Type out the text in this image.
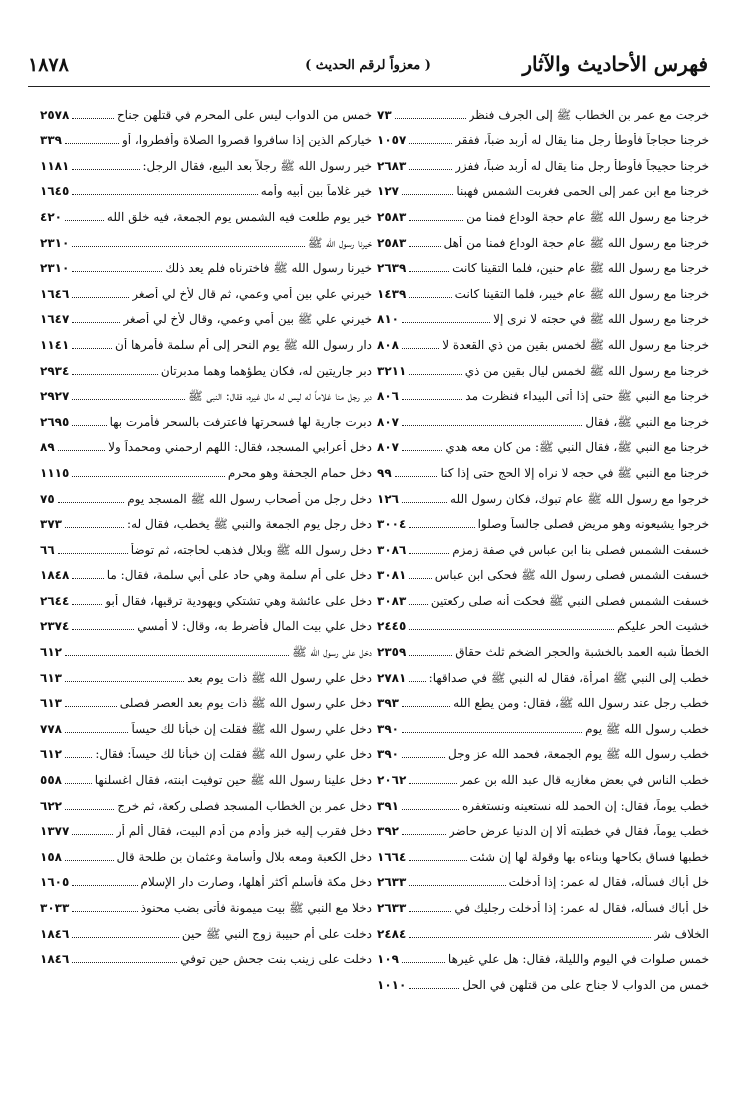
فهرس الأحاديث والآثار
( معزواً لرقم الحديث )
١٨٧٨
خرجت مع عمر بن الخطاب ﷺ إلى الجرف فنظر
٧٣
خرجنا حجاجاً فأوطأ رجل منا يقال له أربد ضباً، ففقر
١٠٥٧
خرجنا حجيجاً فأوطأ رجل منا يقال له أربد ضباً، ففزر
٢٦٨٣
خرجنا مع ابن عمر إلى الحمى فغربت الشمس فهبنا
١٢٧
خرجنا مع رسول الله ﷺ عام حجة الوداع فمنا من
٢٥٨٣
خرجنا مع رسول الله ﷺ عام حجة الوداع فمنا من أهل
٢٥٨٣
خرجنا مع رسول الله ﷺ عام حنين، فلما التقينا كانت
٢٦٣٩
خرجنا مع رسول الله ﷺ عام خيبر، فلما التقينا كانت
١٤٣٩
خرجنا مع رسول الله ﷺ في حجته لا نرى إلا
٨١٠
خرجنا مع رسول الله ﷺ لخمس بقين من ذي القعدة لا
٨٠٨
خرجنا مع رسول الله ﷺ لخمس ليال بقين من ذي
٣٢١١
خرجنا مع النبي ﷺ حتى إذا أتى البيداء فنظرت مد
٨٠٦
خرجنا مع النبي ﷺ، فقال
٨٠٧
خرجنا مع النبي ﷺ، فقال النبي ﷺ: من كان معه هدي
٨٠٧
خرجنا مع النبي ﷺ في حجه لا نراه إلا الحج حتى إذا كنا
٩٩
خرجوا مع رسول الله ﷺ عام تبوك، فكان رسول الله
١٢٦
خرجوا يشيعونه وهو مريض فصلى جالساً وصلوا
٣٠٠٤
خسفت الشمس فصلى بنا ابن عباس في صفة زمزم
٣٠٨٦
خسفت الشمس فصلى رسول الله ﷺ فحكى ابن عباس
٣٠٨١
خسفت الشمس فصلى النبي ﷺ فحكت أنه صلى ركعتين
٣٠٨٣
خشيت الحر عليكم
٢٤٤٥
الخطأ شبه العمد بالخشبة والحجر الضخم ثلث حقاق
٢٣٥٩
خطب إلى النبي ﷺ امرأة، فقال له النبي ﷺ في صداقها:
٢٧٨١
خطب رجل عند رسول الله ﷺ، فقال: ومن يطع الله
٣٩٣
خطب رسول الله ﷺ يوم
٣٩٠
خطب رسول الله ﷺ يوم الجمعة، فحمد الله عز وجل
٣٩٠
خطب الناس في بعض مغازيه قال عبد الله بن عمر
٢٠٦٢
خطب يوماً، فقال: إن الحمد لله نستعينه ونستغفره
٣٩١
خطب يوماً، فقال في خطبته ألا إن الدنيا عرض حاضر
٣٩٢
خطبها فساق بكاحها وبناءه بها وقولة لها إن شئت
١٦٦٤
خل أباك فسأله، فقال له عمر: إذا أدخلت
٢٦٣٣
خل أباك فسأله، فقال له عمر: إذا أدخلت رجليك في
٢٦٣٣
الخلاف شر
٢٤٨٤
خمس صلوات في اليوم والليلة، فقال: هل علي غيرها
١٠٩
خمس من الدواب لا جناح على من قتلهن في الحل
١٠١٠
خمس من الدواب ليس على المحرم في قتلهن جناح
٢٥٧٨
خياركم الذين إذا سافروا قصروا الصلاة وأفطروا، أو
٣٣٩
خير رسول الله ﷺ رجلاً بعد البيع، فقال الرجل:
١١٨١
خير غلاماً بين أبيه وأمه
١٦٤٥
خير يوم طلعت فيه الشمس يوم الجمعة، فيه خلق الله
٤٢٠
خيرنا رسول الله ﷺ
٢٣١٠
خيرنا رسول الله ﷺ فاخترناه فلم يعد ذلك
٢٣١٠
خيرني علي بين أمي وعمي، ثم قال لأخ لي أصغر
١٦٤٦
خيرني علي ﷺ بين أمي وعمي، وقال لأخ لي أصغر
١٦٤٧
دار رسول الله ﷺ يوم النحر إلى أم سلمة فأمرها أن
١١٤١
دبر جاريتين له، فكان يطؤهما وهما مدبرتان
٢٩٣٤
دبر رجل منا غلاماً له ليس له مال غيره، فقال: النبي ﷺ
٢٩٢٧
دبرت جارية لها فسحرتها فاعترفت بالسحر فأمرت بها
٢٦٩٥
دخل أعرابي المسجد، فقال: اللهم ارحمني ومحمداً ولا
٨٩
دخل حمام الجحفة وهو محرم
١١١٥
دخل رجل من أصحاب رسول الله ﷺ المسجد يوم
٧٥
دخل رجل يوم الجمعة والنبي ﷺ يخطب، فقال له:
٣٧٣
دخل رسول الله ﷺ وبلال فذهب لحاجته، ثم توضأ
٦٦
دخل على أم سلمة وهي حاد على أبي سلمة، فقال: ما
١٨٤٨
دخل على عائشة وهي تشتكي ويهودية ترقيها، فقال أبو
٢٦٤٤
دخل علي بيت المال فأضرط به، وقال: لا أمسي
٢٣٧٤
دخل علي رسول الله ﷺ
٦١٢
دخل علي رسول الله ﷺ ذات يوم بعد
٦١٣
دخل علي رسول الله ﷺ ذات يوم بعد العصر فصلى
٦١٣
دخل علي رسول الله ﷺ فقلت إن خبأنا لك حيساً
٧٧٨
دخل علي رسول الله ﷺ فقلت إن خبأنا لك حيساً: فقال:
٦١٢
دخل علينا رسول الله ﷺ حين توفيت ابنته، فقال اغسلنها
٥٥٨
دخل عمر بن الخطاب المسجد فصلى ركعة، ثم خرج
٦٢٢
دخل فقرب إليه خبز وأدم من أدم البيت، فقال ألم أر
١٣٧٧
دخل الكعبة ومعه بلال وأسامة وعثمان بن طلحة قال
١٥٨
دخل مكة فأسلم أكثر أهلها، وصارت دار الإسلام
١٦٠٥
دخلا مع النبي ﷺ بيت ميمونة فأتى بضب محنوذ
٣٠٣٣
دخلت على أم حبيبة زوج النبي ﷺ حين
١٨٤٦
دخلت على زينب بنت جحش حين توفي
١٨٤٦
